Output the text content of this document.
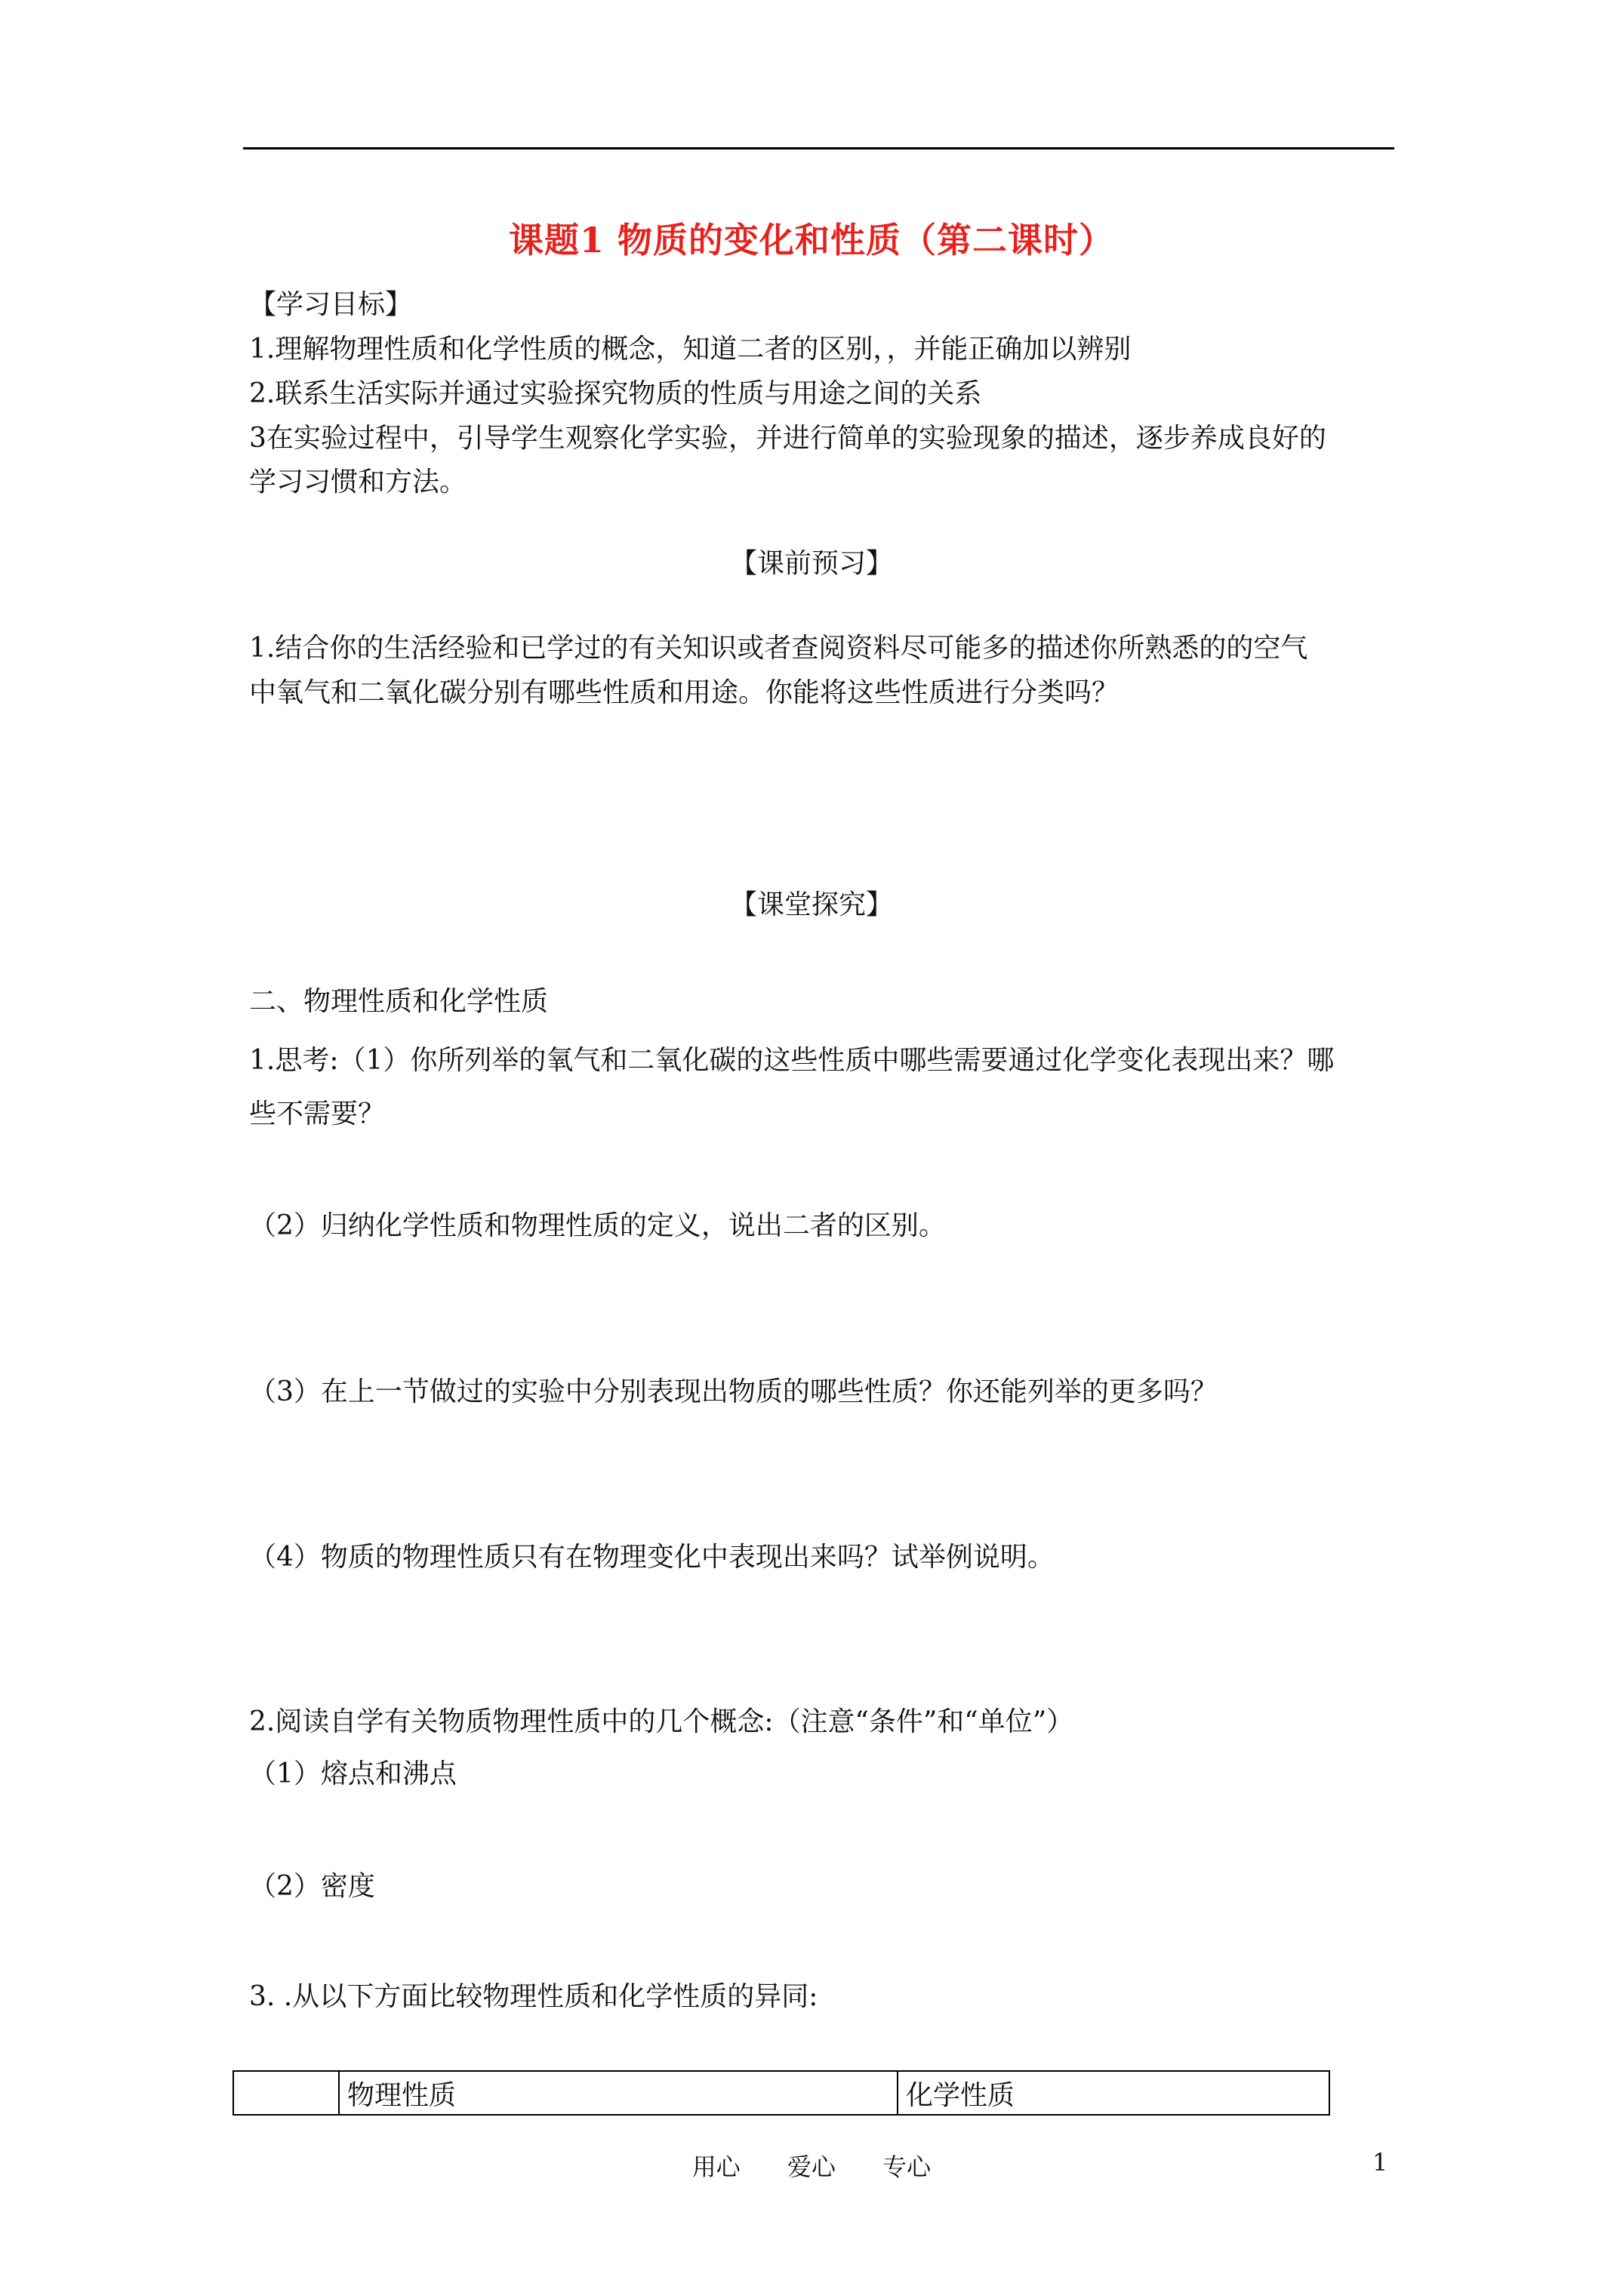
课题1 物质的变化和性质（第二课时）
【学习目标】
1.理解物理性质和化学性质的概念，知道二者的区别，，并能正确加以辨别
2.联系生活实际并通过实验探究物质的性质与用途之间的关系
3在实验过程中，引导学生观察化学实验，并进行简单的实验现象的描述，逐步养成良好的
学习习惯和方法。
【课前预习】
1.结合你的生活经验和已学过的有关知识或者查阅资料尽可能多的描述你所熟悉的的空气
中氧气和二氧化碳分别有哪些性质和用途。你能将这些性质进行分类吗？
【课堂探究】
二、物理性质和化学性质
1.思考:（1）你所列举的氧气和二氧化碳的这些性质中哪些需要通过化学变化表现出来？哪
些不需要？
（2）归纳化学性质和物理性质的定义，说出二者的区别。
（3）在上一节做过的实验中分别表现出物质的哪些性质？你还能列举的更多吗？
（4）物质的物理性质只有在物理变化中表现出来吗？试举例说明。
2.阅读自学有关物质物理性质中的几个概念:（注意“条件”和“单位”）
（1）熔点和沸点
（2）密度
3. .从以下方面比较物理性质和化学性质的异同:
	物理性质	化学性质
用心 爱心 专心	1
